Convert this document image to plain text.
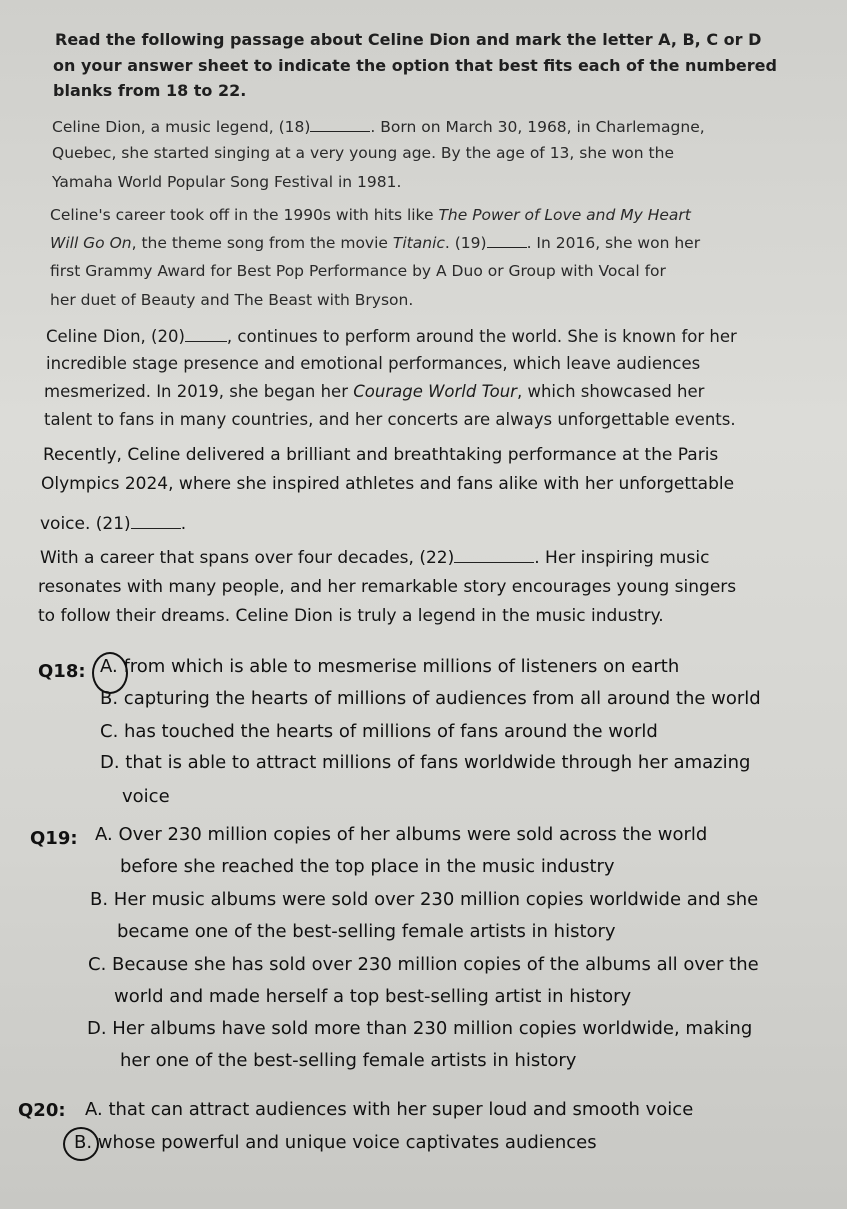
Read the following passage about Celine Dion and mark the letter A, B, C or D
on your answer sheet to indicate the option that best fits each of the numbered
blanks from 18 to 22.
Celine Dion, a music legend, (18)	. Born on March 30, 1968, in Charlemagne,
Quebec, she started singing at a very young age. By the age of 13, she won the
Yamaha World Popular Song Festival in 1981.
Celine's career took off in the 1990s with hits like The Power of Love and My Heart
Will Go On, the theme song from the movie Titanic. (19)	. In 2016, she won her
first Grammy Award for Best Pop Performance by A Duo or Group with Vocal for
her duet of Beauty and The Beast with Bryson.
Celine Dion, (20)	, continues to perform around the world. She is known for her
incredible stage presence and emotional performances, which leave audiences
mesmerized. In 2019, she began her Courage World Tour, which showcased her
talent to fans in many countries, and her concerts are always unforgettable events.
Recently, Celine delivered a brilliant and breathtaking performance at the Paris
Olympics 2024, where she inspired athletes and fans alike with her unforgettable
voice. (21)	.
With a career that spans over four decades, (22)	. Her inspiring music
resonates with many people, and her remarkable story encourages young singers
to follow their dreams. Celine Dion is truly a legend in the music industry.
Q18: A. from which is able to mesmerise millions of listeners on earth
B. capturing the hearts of millions of audiences from all around the world
C. has touched the hearts of millions of fans around the world
D. that is able to attract millions of fans worldwide through her amazing
voice
Q19: A. Over 230 million copies of her albums were sold across the world
before she reached the top place in the music industry
B. Her music albums were sold over 230 million copies worldwide and she
became one of the best-selling female artists in history
C. Because she has sold over 230 million copies of the albums all over the
world and made herself a top best-selling artist in history
D. Her albums have sold more than 230 million copies worldwide, making
her one of the best-selling female artists in history
Q20: A. that can attract audiences with her super loud and smooth voice
B. whose powerful and unique voice captivates audiences
